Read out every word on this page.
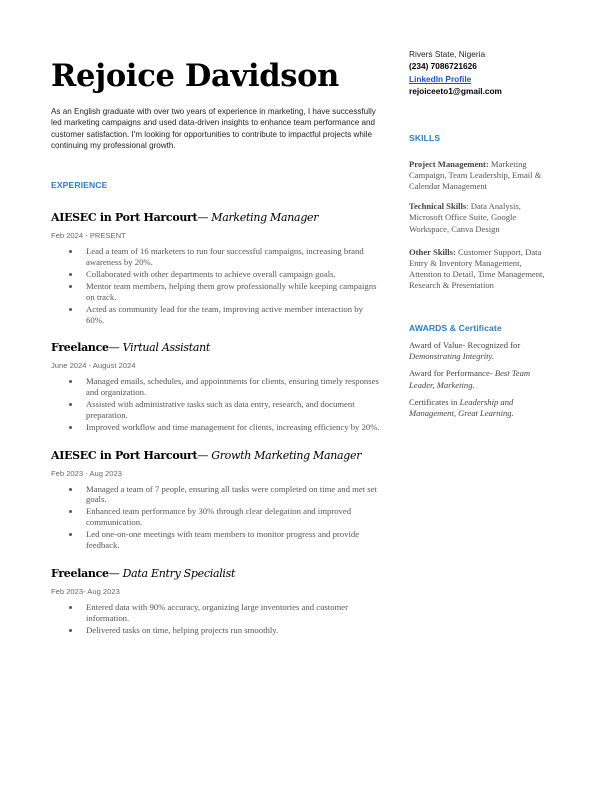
Rejoice Davidson
As an English graduate with over two years of experience in marketing, I have successfully led marketing campaigns and used data-driven insights to enhance team performance and customer satisfaction. I'm looking for opportunities to contribute to impactful projects while continuing my professional growth.
EXPERIENCE
AIESEC in Port Harcourt— Marketing Manager
Feb 2024 - PRESENT
Lead a team of 16 marketers to run four successful campaigns, increasing brand awareness by 20%.
Collaborated with other departments to achieve overall campaign goals.
Mentor team members, helping them grow professionally while keeping campaigns on track.
Acted as community lead for the team, improving active member interaction by 60%.
Freelance— Virtual Assistant
June 2024 - August 2024
Managed emails, schedules, and appointments for clients, ensuring timely responses and organization.
Assisted with administrative tasks such as data entry, research, and document preparation.
Improved workflow and time management for clients, increasing efficiency by 20%.
AIESEC in Port Harcourt— Growth Marketing Manager
Feb 2023 - Aug 2023
Managed a team of 7 people, ensuring all tasks were completed on time and met set goals.
Enhanced team performance by 30% through clear delegation and improved communication.
Led one-on-one meetings with team members to monitor progress and provide feedback.
Freelance— Data Entry Specialist
Feb 2023- Aug 2023
Entered data with 90% accuracy, organizing large inventories and customer information.
Delivered tasks on time, helping projects run smoothly.
Rivers State, Nigeria
(234) 7086721626
LinkedIn Profile
rejoiceeto1@gmail.com
SKILLS
Project Management: Marketing Campaign, Team Leadership, Email & Calendar Management
Technical Skills: Data Analysis, Microsoft Office Suite, Google Workspace, Canva Design
Other Skills: Customer Support, Data Entry & Inventory Management, Attention to Detail, Time Management, Research & Presentation
AWARDS & Certificate
Award of Value- Recognized for Demonstrating Integrity.
Award for Performance- Best Team Leader, Marketing.
Certificates in Leadership and Management, Great Learning.
